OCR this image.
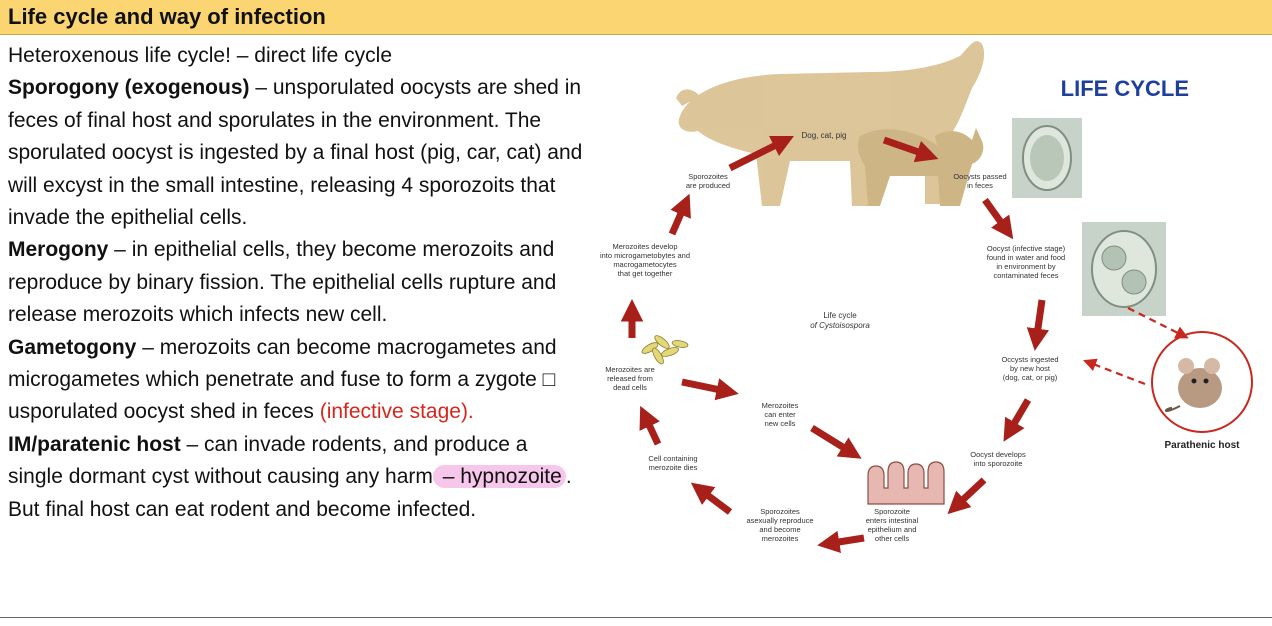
Life cycle and way of infection

Heteroxenous life cycle! – direct life cycle

Sporogony (exogenous) – unsporulated oocysts are shed in feces of final host and sporulates in the environment. The sporulated oocyst is ingested by a final host (pig, car, cat) and will excyst in the small intestine, releasing 4 sporozoits that invade the epithelial cells.

Merogony – in epithelial cells, they become merozoits and reproduce by binary fission. The epithelial cells rupture and release merozoits which infects new cell.

Gametogony – merozoits can become macrogametes and microgametes which penetrate and fuse to form a zygote □ usporulated oocyst shed in feces (infective stage).

IM/paratenic host – can invade rodents, and produce a single dormant cyst without causing any harm – hypnozoite . But final host can eat rodent and become infected.

LIFE CYCLE
Dog, cat, pig
Parathenic host
Life cycle
of Cystoisospora
Sporozoites are produced
Oocysts passed in feces
Oocyst (infective stage) found in water and food in environment by contaminated feces
Merozoites develop into microgametobytes and macrogametocytes that get together
Occysts ingested by new host (dog, cat, or pig)
Merozoites are released from dead cells
Merozoites can enter new cells
Cell containing merozoite dies
Oocyst develops into sporozoite
Sporozoites asexually reproduce and become merozoites
Sporozoite enters intestinal epithelium and other cells
